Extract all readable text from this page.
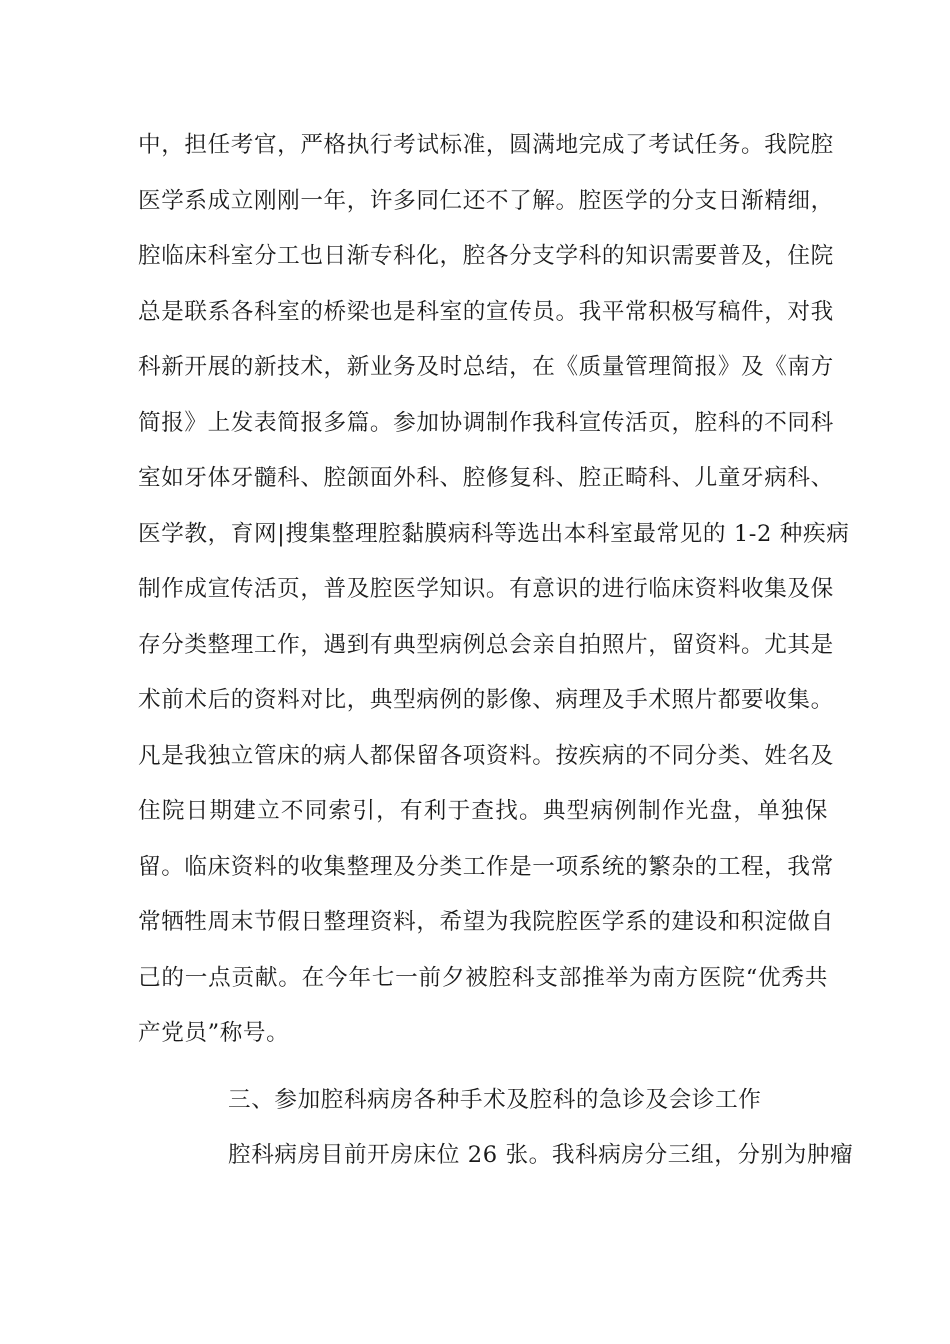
中，担任考官，严格执行考试标准，圆满地完成了考试任务。我院腔
医学系成立刚刚一年，许多同仁还不了解。腔医学的分支日渐精细，
腔临床科室分工也日渐专科化，腔各分支学科的知识需要普及，住院
总是联系各科室的桥梁也是科室的宣传员。我平常积极写稿件，对我
科新开展的新技术，新业务及时总结，在《质量管理简报》及《南方
简报》上发表简报多篇。参加协调制作我科宣传活页，腔科的不同科
室如牙体牙髓科、腔颌面外科、腔修复科、腔正畸科、儿童牙病科、
医学教，育网|搜集整理腔黏膜病科等选出本科室最常见的 1-2 种疾病
制作成宣传活页，普及腔医学知识。有意识的进行临床资料收集及保
存分类整理工作，遇到有典型病例总会亲自拍照片，留资料。尤其是
术前术后的资料对比，典型病例的影像、病理及手术照片都要收集。
凡是我独立管床的病人都保留各项资料。按疾病的不同分类、姓名及
住院日期建立不同索引，有利于查找。典型病例制作光盘，单独保
留。临床资料的收集整理及分类工作是一项系统的繁杂的工程，我常
常牺牲周末节假日整理资料，希望为我院腔医学系的建设和积淀做自
己的一点贡献。在今年七一前夕被腔科支部推举为南方医院“优秀共
产党员”称号。
三、参加腔科病房各种手术及腔科的急诊及会诊工作
腔科病房目前开房床位 26 张。我科病房分三组，分别为肿瘤
